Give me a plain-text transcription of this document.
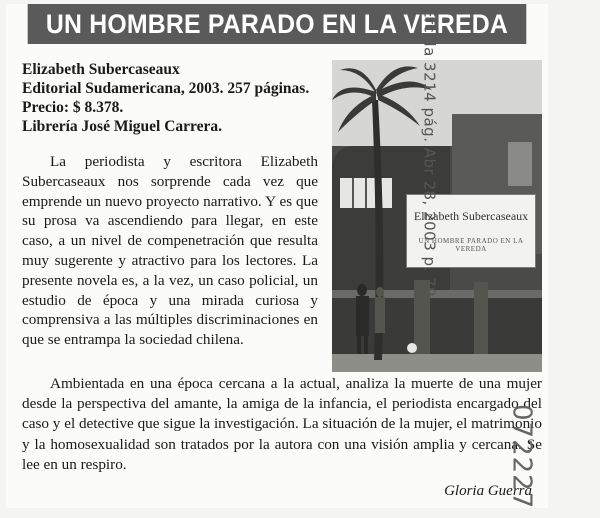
UN HOMBRE PARADO EN LA VEREDA
Elizabeth Subercaseaux
Editorial Sudamericana, 2003. 257 páginas.
Precio: $ 8.378.
Librería José Miguel Carrera.

La periodista y escritora Elizabeth Subercaseaux nos sorprende cada vez que emprende un nuevo proyecto narrativo. Y es que su prosa va ascendiendo para llegar, en este caso, a un nivel de compenetración que resulta muy sugerente y atractivo para los lectores. La presente novela es, a la vez, un caso policial, un estudio de época y una mirada curiosa y comprensiva a las múltiples discriminaciones en que se entrampa la sociedad chilena.

Elizabeth Subercaseaux
UN HOMBRE PARADO EN LA VEREDA

Ambientada en una época cercana a la actual, analiza la muerte de una mujer desde la perspectiva del amante, la amiga de la infancia, el periodista encargado del caso y el detective que sigue la investigación. La situación de la mujer, el matrimonio y la homosexualidad son tratados por la autora con una visión amplia y cercana. Se lee en un respiro.

Gloria Guerra
Ercilla 3214 pág. Abr 28, 2003 p. 79
072227
